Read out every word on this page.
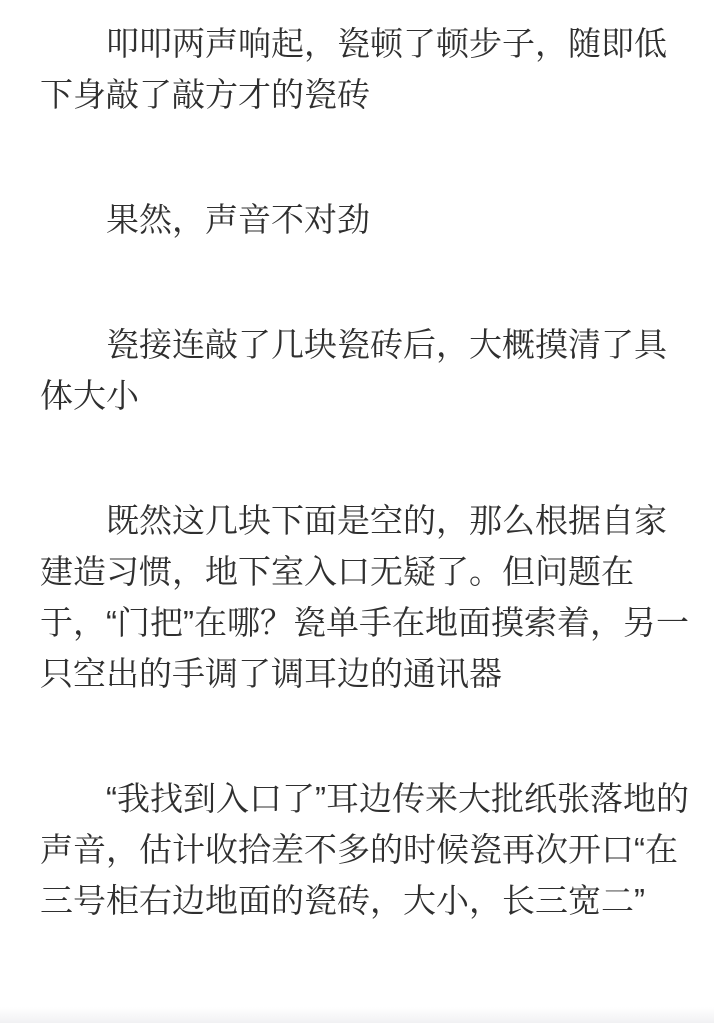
叩叩两声响起，瓷顿了顿步子，随即低下身敲了敲方才的瓷砖

果然，声音不对劲

瓷接连敲了几块瓷砖后，大概摸清了具体大小

既然这几块下面是空的，那么根据自家建造习惯，地下室入口无疑了。但问题在于，“门把”在哪？瓷单手在地面摸索着，另一只空出的手调了调耳边的通讯器

“我找到入口了”耳边传来大批纸张落地的声音，估计收拾差不多的时候瓷再次开口“在三号柜右边地面的瓷砖，大小，长三宽二”
